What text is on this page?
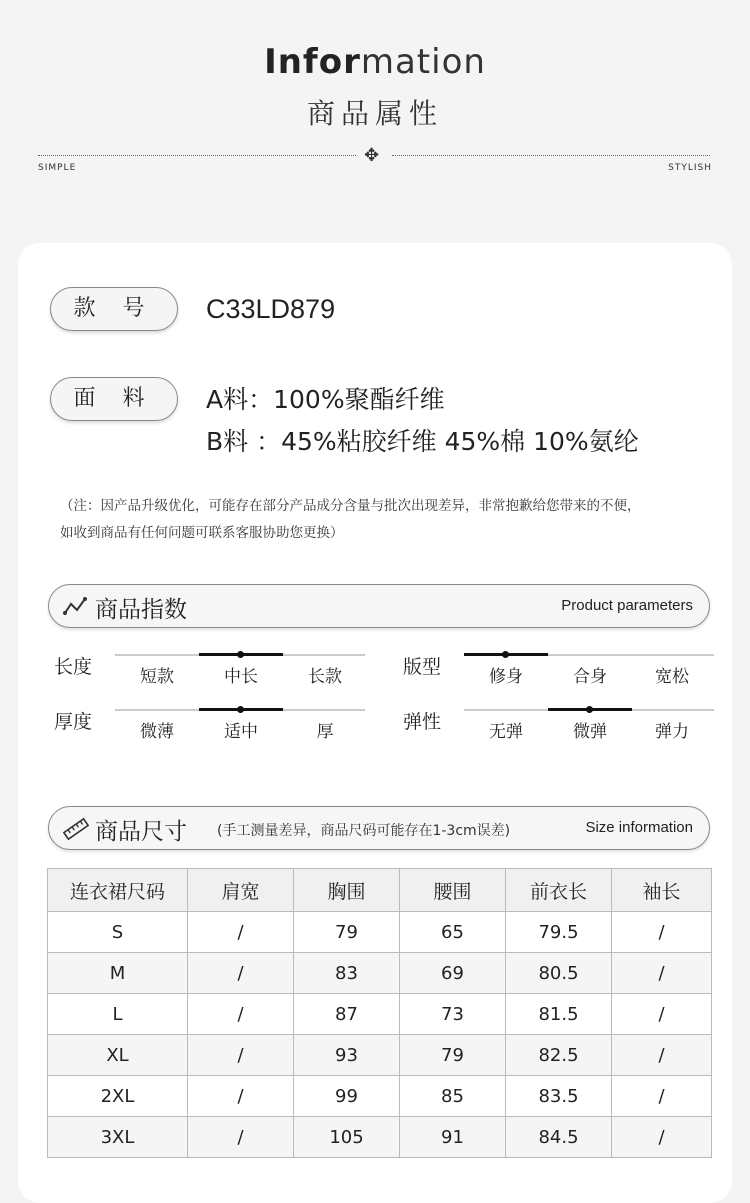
Information
商品属性
✥
SIMPLE	STYLISH
款 号	C33LD879
面 料	A料：100%聚酯纤维
B料 ：45%粘胶纤维 45%棉 10%氨纶
（注：因产品升级优化，可能存在部分产品成分含量与批次出现差异，非常抱歉给您带来的不便，
如收到商品有任何问题可联系客服协助您更换）
商品指数	Product parameters
长度	短款	中长	长款	版型	修身	合身	宽松
厚度	微薄	适中	厚	弹性	无弹	微弹	弹力
商品尺寸 (手工测量差异，商品尺码可能存在1-3cm误差)	Size information
连衣裙尺码	肩宽	胸围	腰围	前衣长	袖长
S	/	79	65	79.5	/
M	/	83	69	80.5	/
L	/	87	73	81.5	/
XL	/	93	79	82.5	/
2XL	/	99	85	83.5	/
3XL	/	105	91	84.5	/
